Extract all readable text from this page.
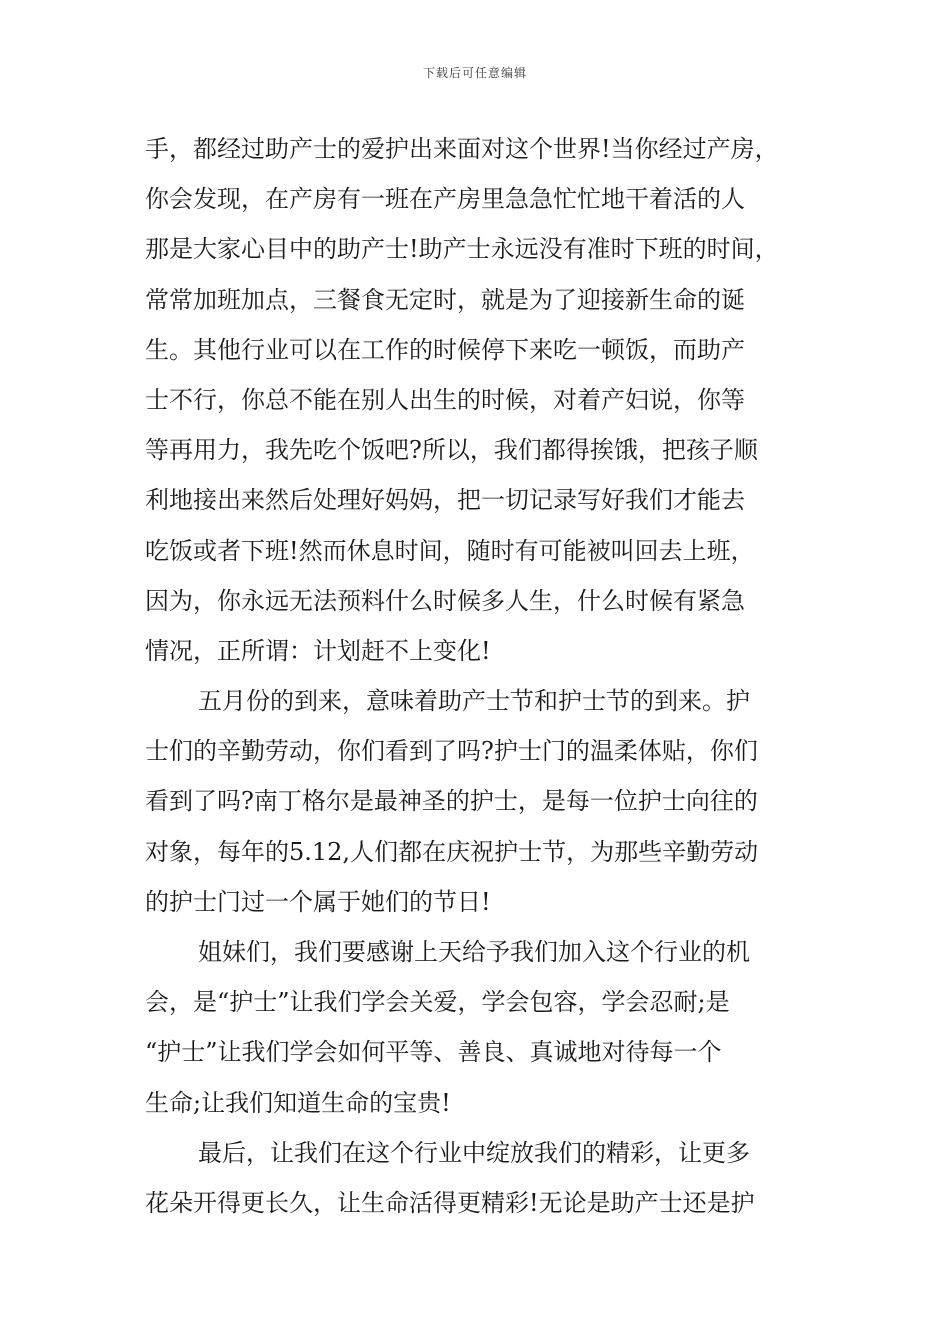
下载后可任意编辑
手，都经过助产士的爱护出来面对这个世界!当你经过产房，
你会发现，在产房有一班在产房里急急忙忙地干着活的人
那是大家心目中的助产士!助产士永远没有准时下班的时间，
常常加班加点，三餐食无定时，就是为了迎接新生命的诞
生。其他行业可以在工作的时候停下来吃一顿饭，而助产
士不行，你总不能在别人出生的时候，对着产妇说，你等
等再用力，我先吃个饭吧?所以，我们都得挨饿，把孩子顺
利地接出来然后处理好妈妈，把一切记录写好我们才能去
吃饭或者下班!然而休息时间，随时有可能被叫回去上班，
因为，你永远无法预料什么时候多人生，什么时候有紧急
情况，正所谓：计划赶不上变化!
五月份的到来，意味着助产士节和护士节的到来。护
士们的辛勤劳动，你们看到了吗?护士门的温柔体贴，你们
看到了吗?南丁格尔是最神圣的护士，是每一位护士向往的
对象，每年的5.12,人们都在庆祝护士节，为那些辛勤劳动
的护士门过一个属于她们的节日!
姐妹们，我们要感谢上天给予我们加入这个行业的机
会，是“护士”让我们学会关爱，学会包容，学会忍耐;是
“护士”让我们学会如何平等、善良、真诚地对待每一个
生命;让我们知道生命的宝贵!
最后，让我们在这个行业中绽放我们的精彩，让更多
花朵开得更长久，让生命活得更精彩!无论是助产士还是护
